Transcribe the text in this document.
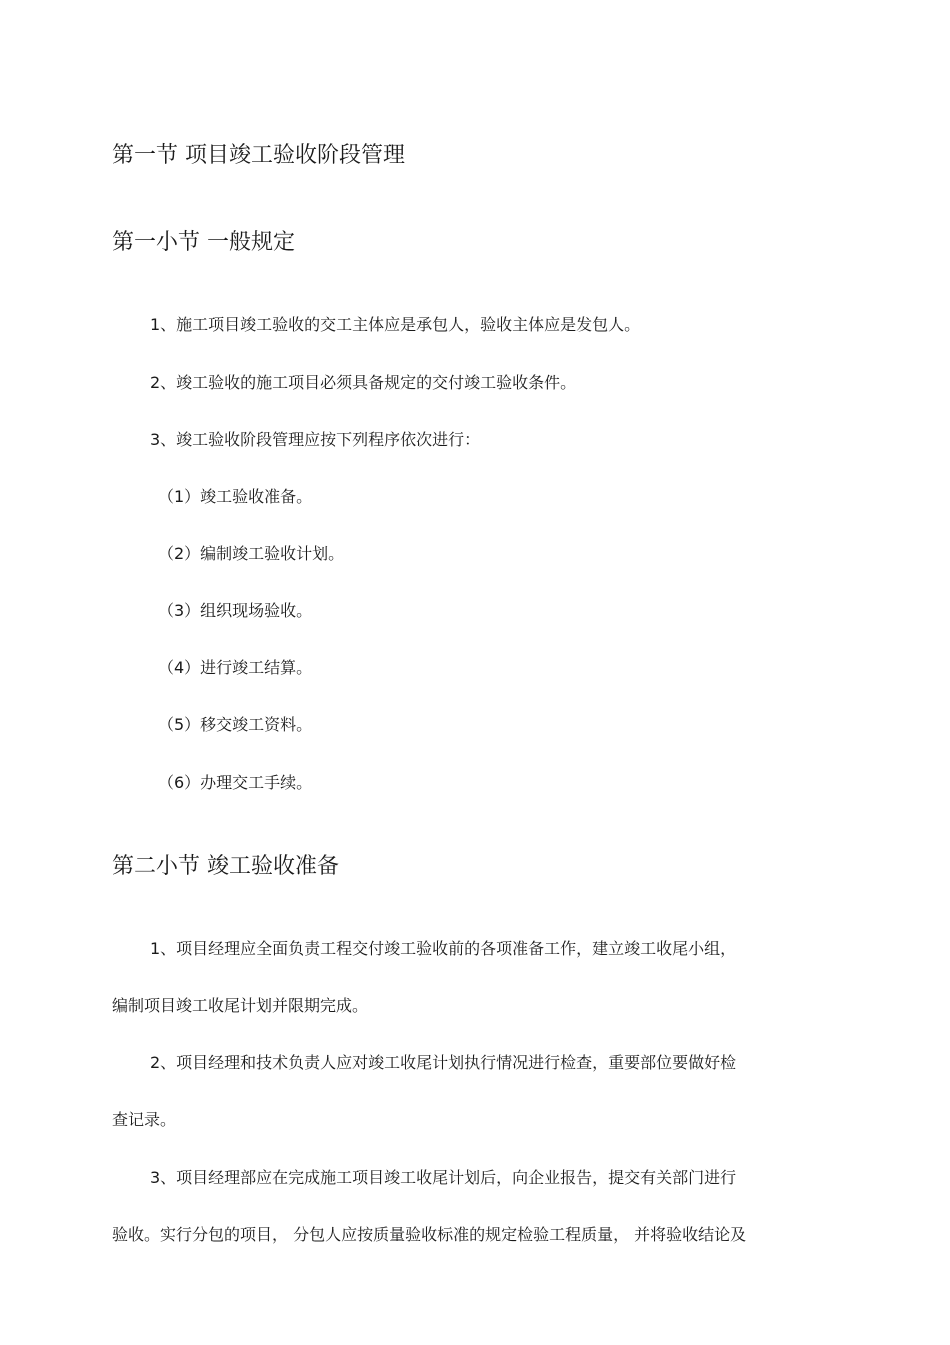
第一节 项目竣工验收阶段管理
第一小节 一般规定
1、施工项目竣工验收的交工主体应是承包人，验收主体应是发包人。
2、竣工验收的施工项目必须具备规定的交付竣工验收条件。
3、竣工验收阶段管理应按下列程序依次进行：
（1）竣工验收准备。
（2）编制竣工验收计划。
（3）组织现场验收。
（4）进行竣工结算。
（5）移交竣工资料。
（6）办理交工手续。
第二小节 竣工验收准备
1、项目经理应全面负责工程交付竣工验收前的各项准备工作，建立竣工收尾小组，
编制项目竣工收尾计划并限期完成。
2、项目经理和技术负责人应对竣工收尾计划执行情况进行检查，重要部位要做好检
查记录。
3、项目经理部应在完成施工项目竣工收尾计划后，向企业报告，提交有关部门进行
验收。实行分包的项目， 分包人应按质量验收标准的规定检验工程质量， 并将验收结论及
